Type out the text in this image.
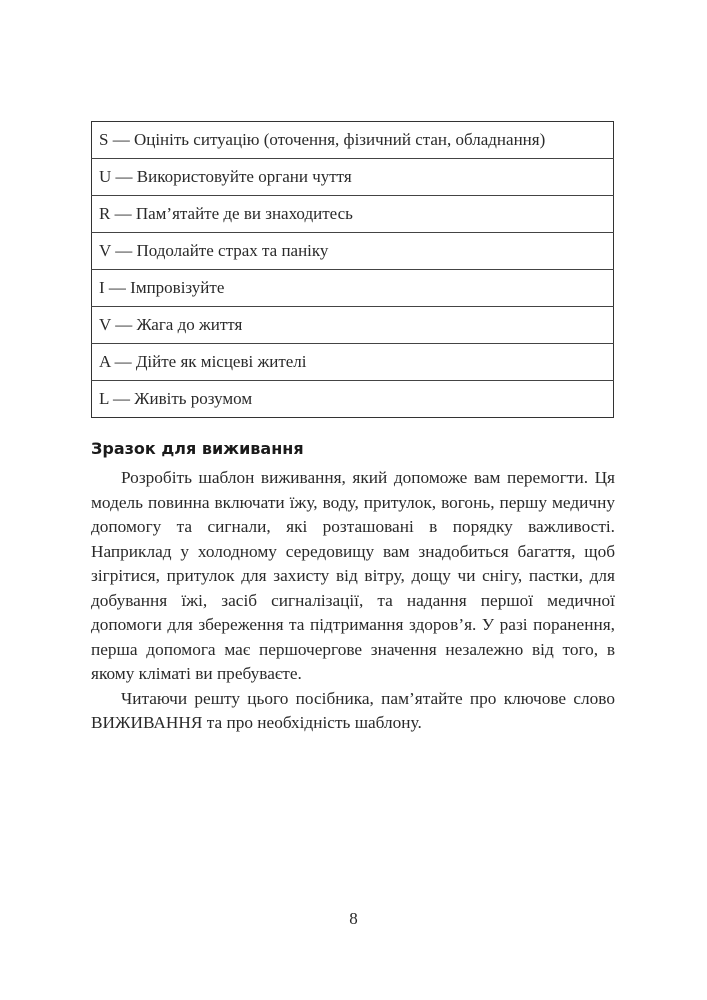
S — Оцініть ситуацію (оточення, фізичний стан, обладнання)
U — Використовуйте органи чуття
R — Пам’ятайте де ви знаходитесь
V — Подолайте страх та паніку
I — Імпровізуйте
V — Жага до життя
A — Дійте як місцеві жителі
L — Живіть розумом
Зразок для виживання

Розробіть шаблон виживання, який допоможе вам перемогти. Ця модель повинна включати їжу, воду, притулок, вогонь, першу медичну допомогу та сигнали, які розташовані в порядку важливості. Наприклад у холодному середовищу вам знадобиться багаття, щоб зігрітися, притулок для захисту від вітру, дощу чи снігу, пастки, для добування їжі, засіб сигналізації, та надання першої медичної допомоги для збереження та підтримання здоров’я. У разі поранення, перша допомога має першочергове значення незалежно від того, в якому кліматі ви пребуваєте.

Читаючи решту цього посібника, пам’ятайте про ключове слово ВИЖИВАННЯ та про необхідність шаблону.

8
